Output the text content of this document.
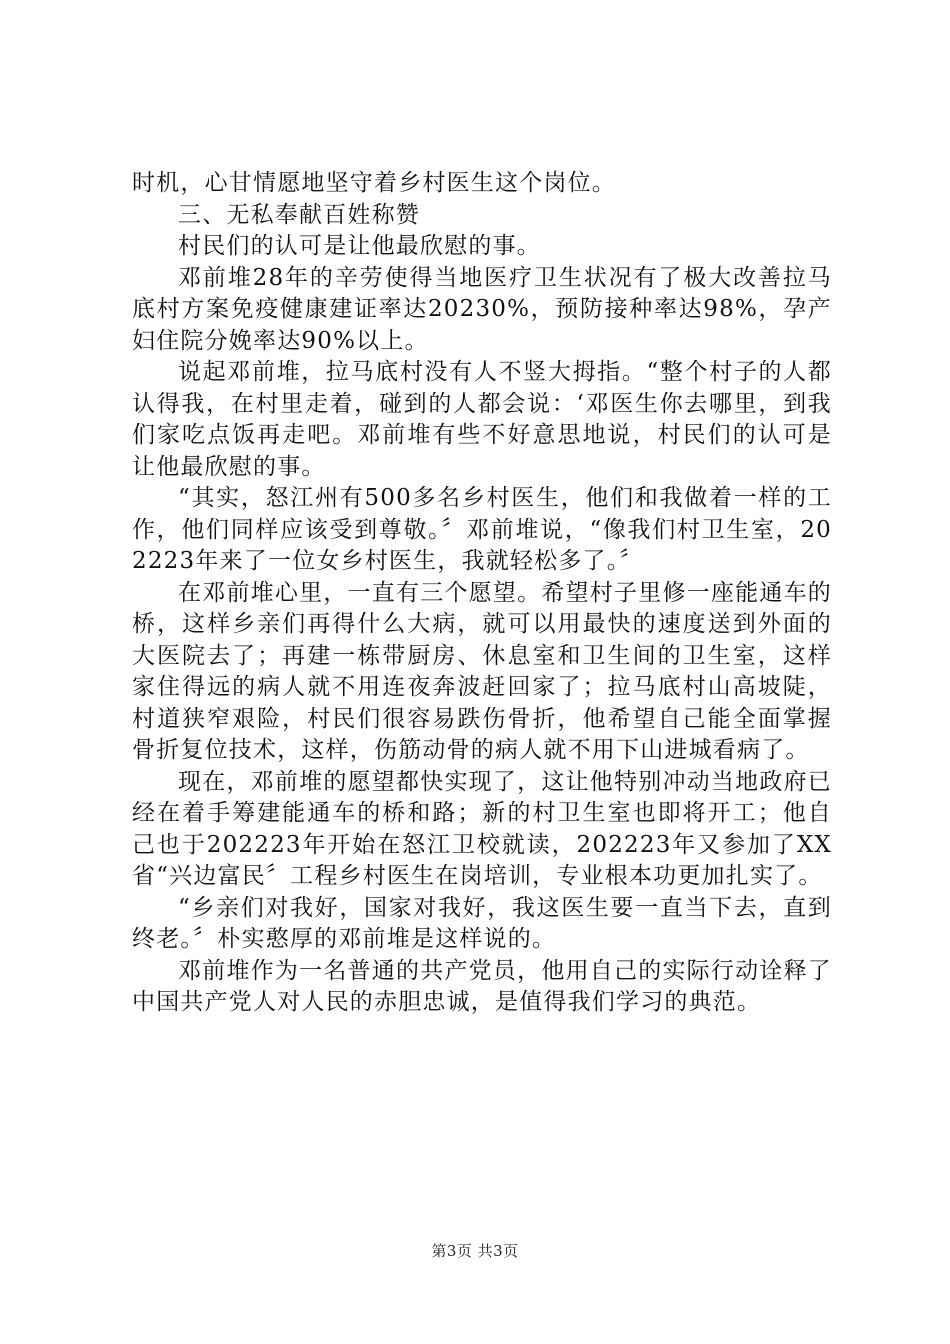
时机，心甘情愿地坚守着乡村医生这个岗位。

三、无私奉献百姓称赞

村民们的认可是让他最欣慰的事。

邓前堆28年的辛劳使得当地医疗卫生状况有了极大改善拉马底村方案免疫健康建证率达20230%，预防接种率达98%，孕产妇住院分娩率达90%以上。

说起邓前堆，拉马底村没有人不竖大拇指。“整个村子的人都认得我，在村里走着，碰到的人都会说：‘邓医生你去哪里，到我们家吃点饭再走吧。邓前堆有些不好意思地说，村民们的认可是让他最欣慰的事。

“其实，怒江州有500多名乡村医生，他们和我做着一样的工作，他们同样应该受到尊敬。〞邓前堆说，“像我们村卫生室，202223年来了一位女乡村医生，我就轻松多了。〞

在邓前堆心里，一直有三个愿望。希望村子里修一座能通车的桥，这样乡亲们再得什么大病，就可以用最快的速度送到外面的大医院去了；再建一栋带厨房、休息室和卫生间的卫生室，这样家住得远的病人就不用连夜奔波赶回家了；拉马底村山高坡陡，村道狭窄艰险，村民们很容易跌伤骨折，他希望自己能全面掌握骨折复位技术，这样，伤筋动骨的病人就不用下山进城看病了。

现在，邓前堆的愿望都快实现了，这让他特别冲动当地政府已经在着手筹建能通车的桥和路；新的村卫生室也即将开工；他自己也于202223年开始在怒江卫校就读，202223年又参加了XX省“兴边富民〞工程乡村医生在岗培训，专业根本功更加扎实了。

“乡亲们对我好，国家对我好，我这医生要一直当下去，直到终老。〞朴实憨厚的邓前堆是这样说的。

邓前堆作为一名普通的共产党员，他用自己的实际行动诠释了中国共产党人对人民的赤胆忠诚，是值得我们学习的典范。

第3页 共3页
